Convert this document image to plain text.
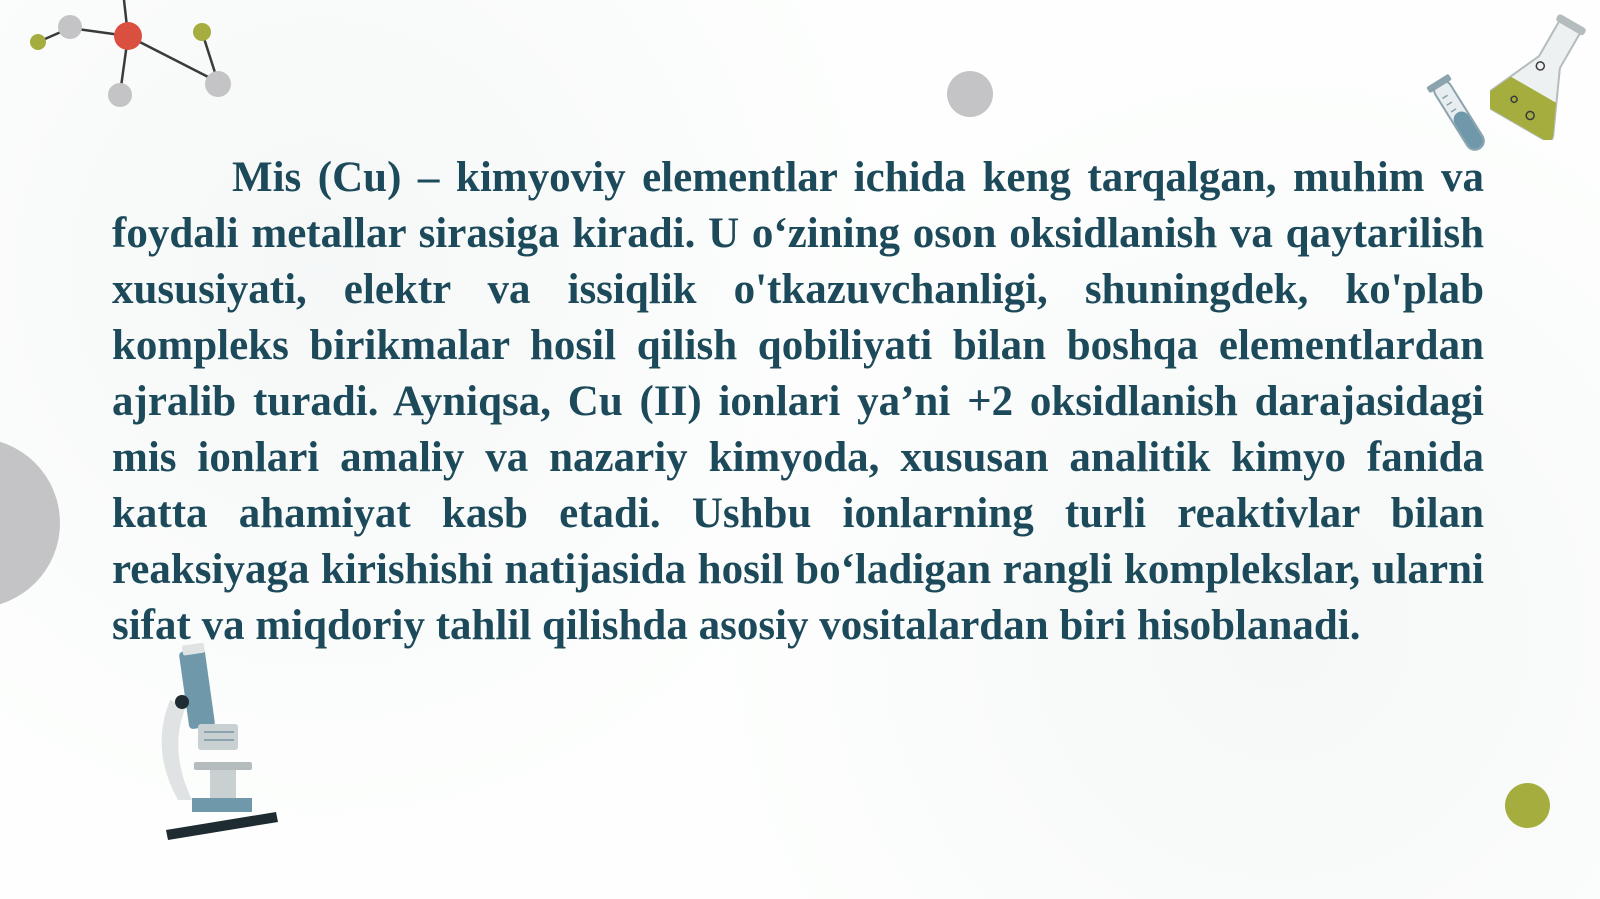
Mis (Cu) – kimyoviy elementlar ichida keng tarqalgan, muhim va foydali metallar sirasiga kiradi. U o‘zining oson oksidlanish va qaytarilish xususiyati, elektr va issiqlik o'tkazuvchanligi, shuningdek, ko'plab kompleks birikmalar hosil qilish qobiliyati bilan boshqa elementlardan ajralib turadi. Ayniqsa, Cu (II) ionlari ya’ni +2 oksidlanish darajasidagi mis ionlari amaliy va nazariy kimyoda, xususan analitik kimyo fanida katta ahamiyat kasb etadi. Ushbu ionlarning turli reaktivlar bilan reaksiyaga kirishishi natijasida hosil bo‘ladigan rangli komplekslar, ularni sifat va miqdoriy tahlil qilishda asosiy vositalardan biri hisoblanadi.
